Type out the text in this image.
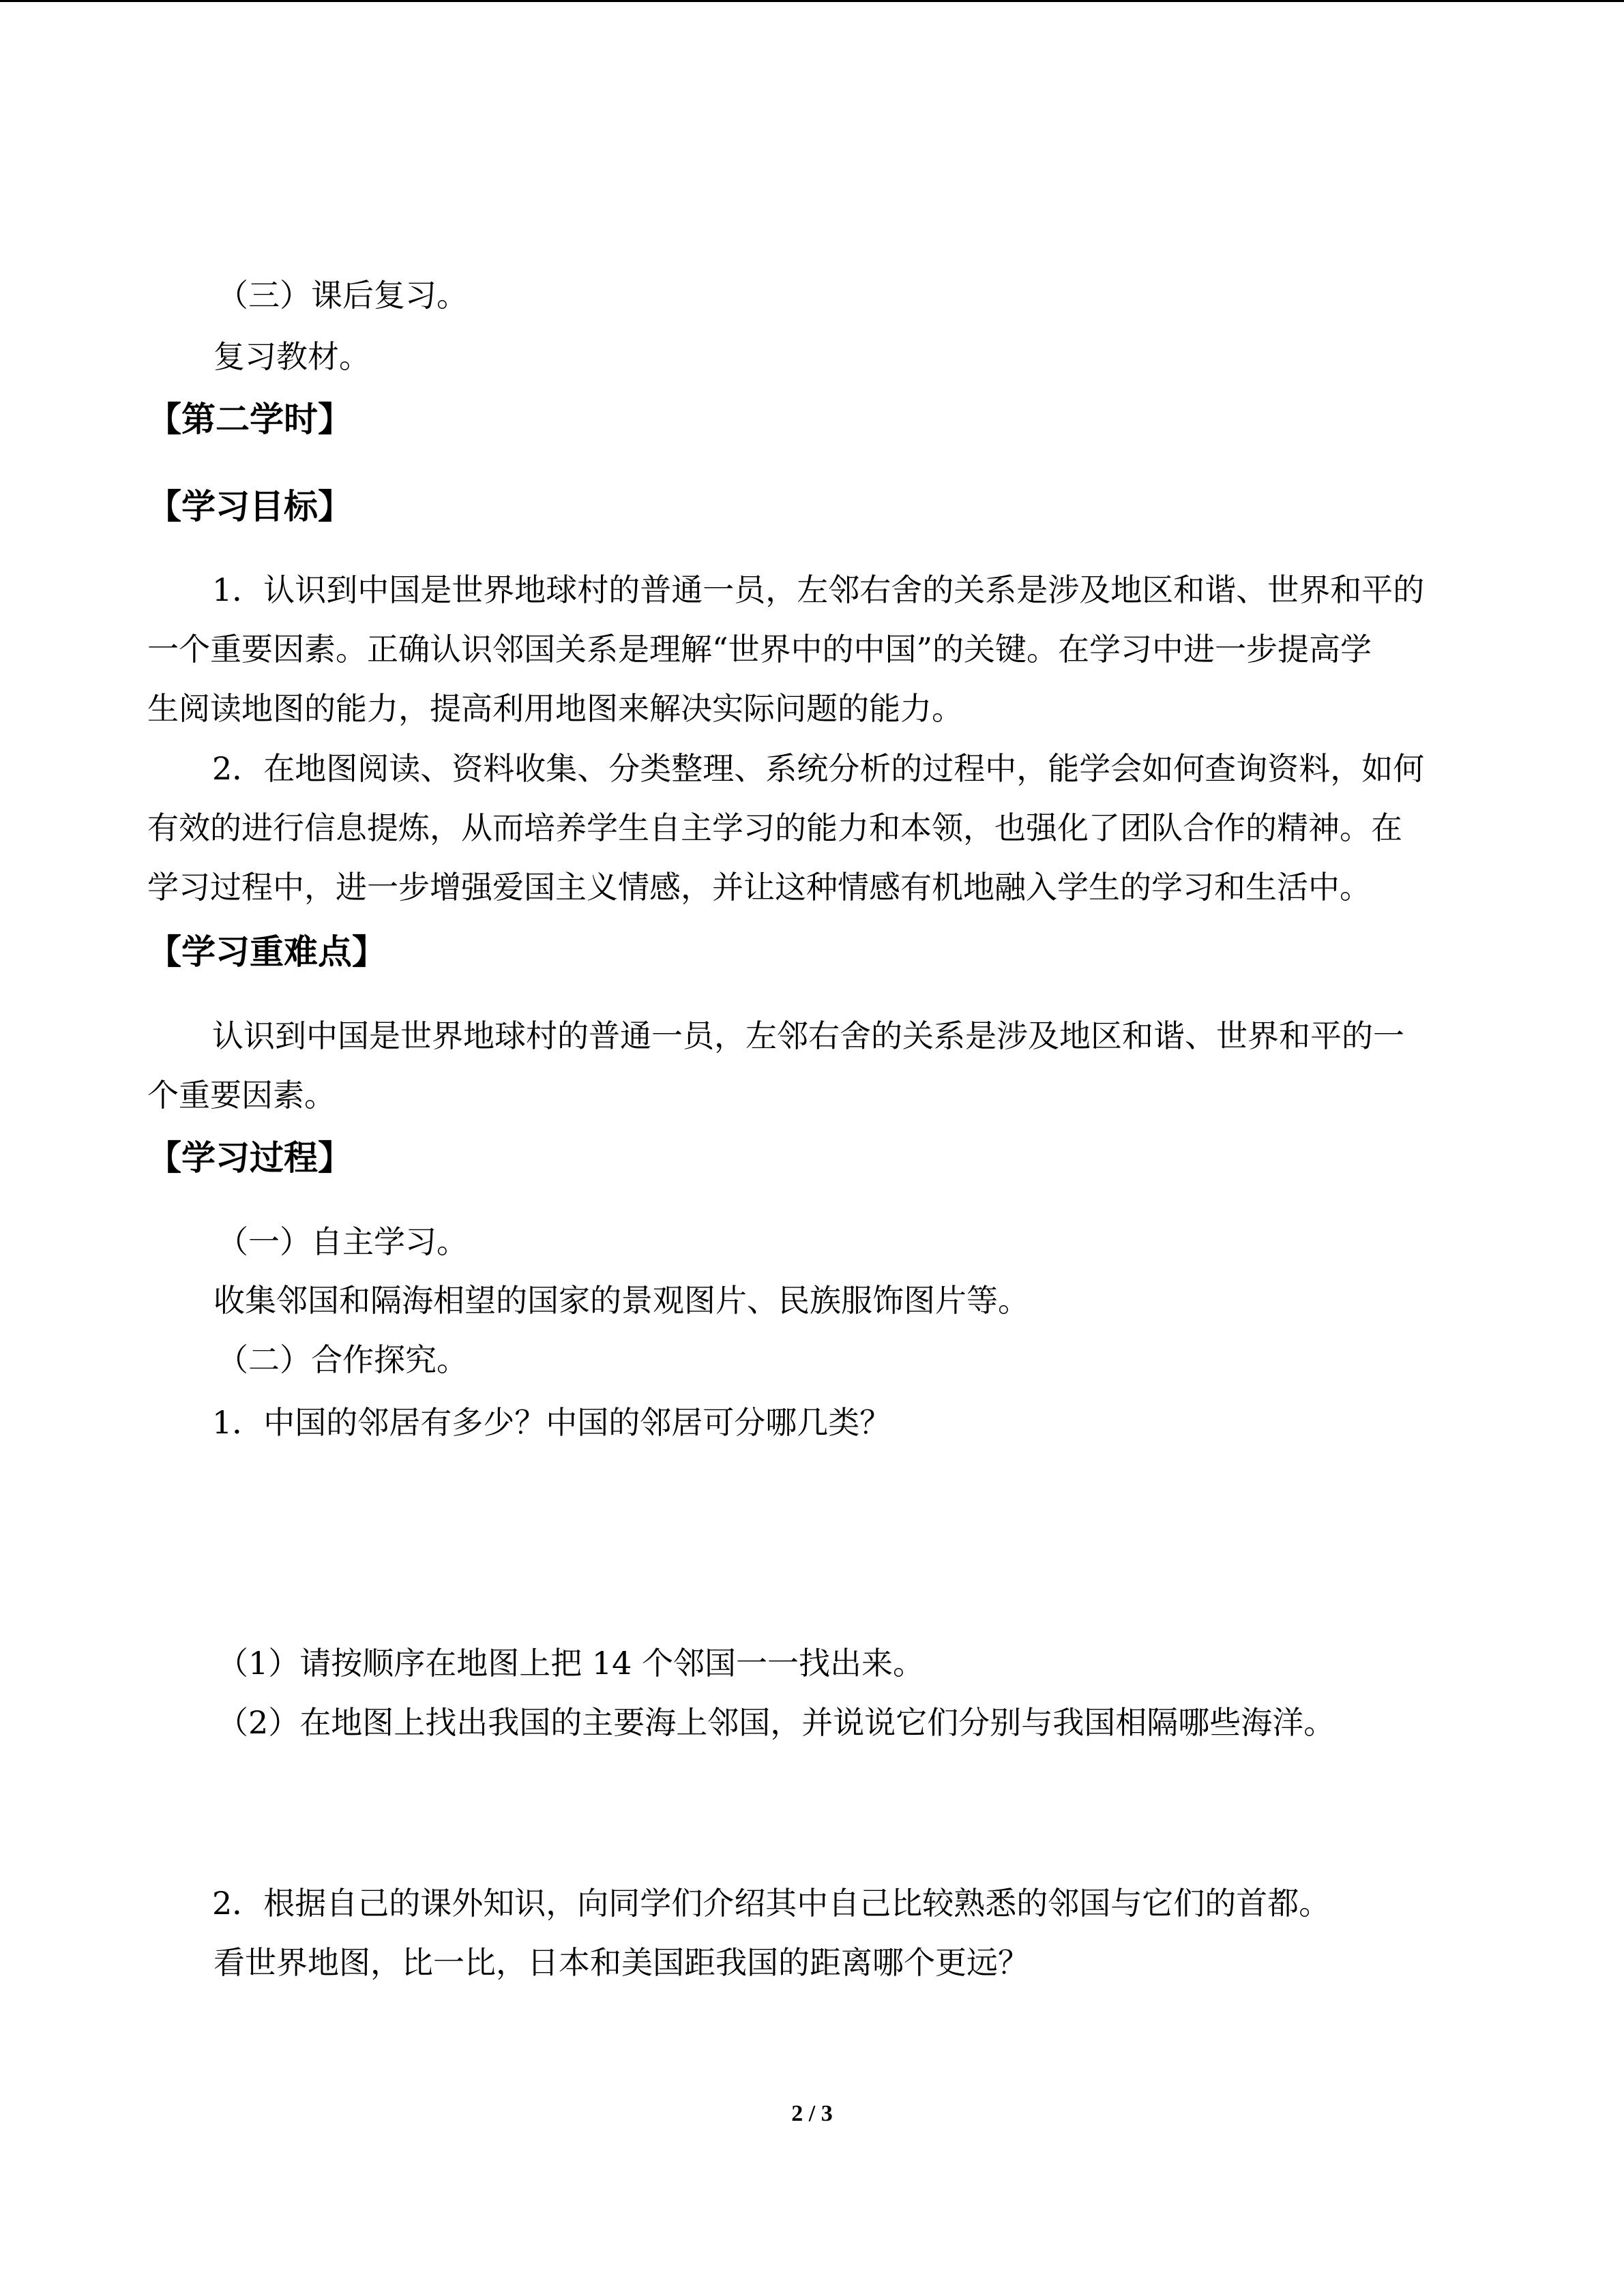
（三）课后复习。
复习教材。
【第二学时】
【学习目标】
1．认识到中国是世界地球村的普通一员，左邻右舍的关系是涉及地区和谐、世界和平的
一个重要因素。正确认识邻国关系是理解“世界中的中国”的关键。在学习中进一步提高学
生阅读地图的能力，提高利用地图来解决实际问题的能力。
2．在地图阅读、资料收集、分类整理、系统分析的过程中，能学会如何查询资料，如何
有效的进行信息提炼，从而培养学生自主学习的能力和本领，也强化了团队合作的精神。在
学习过程中，进一步增强爱国主义情感，并让这种情感有机地融入学生的学习和生活中。
【学习重难点】
认识到中国是世界地球村的普通一员，左邻右舍的关系是涉及地区和谐、世界和平的一
个重要因素。
【学习过程】
（一）自主学习。
收集邻国和隔海相望的国家的景观图片、民族服饰图片等。
（二）合作探究。
1．中国的邻居有多少？中国的邻居可分哪几类？
（1）请按顺序在地图上把 14 个邻国一一找出来。
（2）在地图上找出我国的主要海上邻国，并说说它们分别与我国相隔哪些海洋。
2．根据自己的课外知识，向同学们介绍其中自己比较熟悉的邻国与它们的首都。
看世界地图，比一比，日本和美国距我国的距离哪个更远？
2 / 3
